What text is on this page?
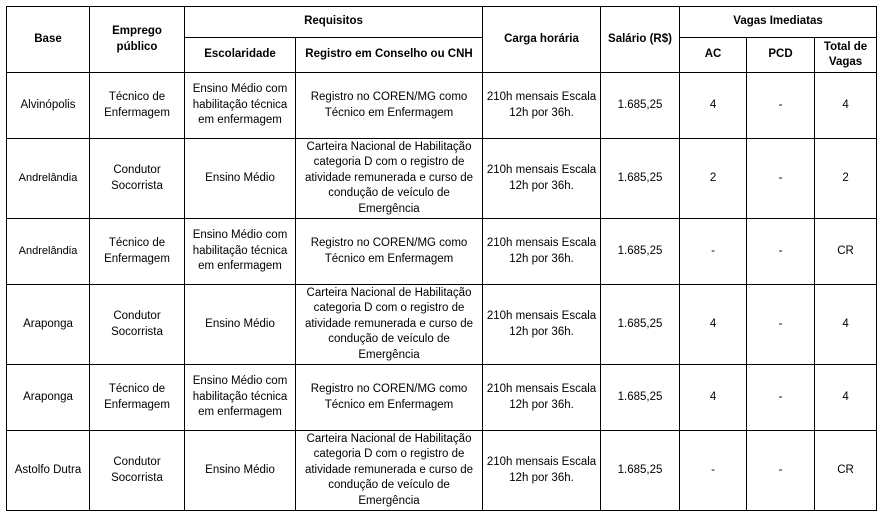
Base	Emprego público	Requisitos		Carga horária	Salário (R$)	Vagas Imediatas		
		Escolaridade	Registro em Conselho ou CNH			AC	PCD	Total de Vagas
Alvinópolis	Técnico de Enfermagem	Ensino Médio com habilitação técnica em enfermagem	Registro no COREN/MG como Técnico em Enfermagem	210h mensais Escala 12h por 36h.	1.685,25	4	-	4
Andrelândia	Condutor Socorrista	Ensino Médio	Carteira Nacional de Habilitação categoria D com o registro de atividade remunerada e curso de condução de veículo de Emergência	210h mensais Escala 12h por 36h.	1.685,25	2	-	2
Andrelândia	Técnico de Enfermagem	Ensino Médio com habilitação técnica em enfermagem	Registro no COREN/MG como Técnico em Enfermagem	210h mensais Escala 12h por 36h.	1.685,25	-	-	CR
Araponga	Condutor Socorrista	Ensino Médio	Carteira Nacional de Habilitação categoria D com o registro de atividade remunerada e curso de condução de veículo de Emergência	210h mensais Escala 12h por 36h.	1.685,25	4	-	4
Araponga	Técnico de Enfermagem	Ensino Médio com habilitação técnica em enfermagem	Registro no COREN/MG como Técnico em Enfermagem	210h mensais Escala 12h por 36h.	1.685,25	4	-	4
Astolfo Dutra	Condutor Socorrista	Ensino Médio	Carteira Nacional de Habilitação categoria D com o registro de atividade remunerada e curso de condução de veículo de Emergência	210h mensais Escala 12h por 36h.	1.685,25	-	-	CR
